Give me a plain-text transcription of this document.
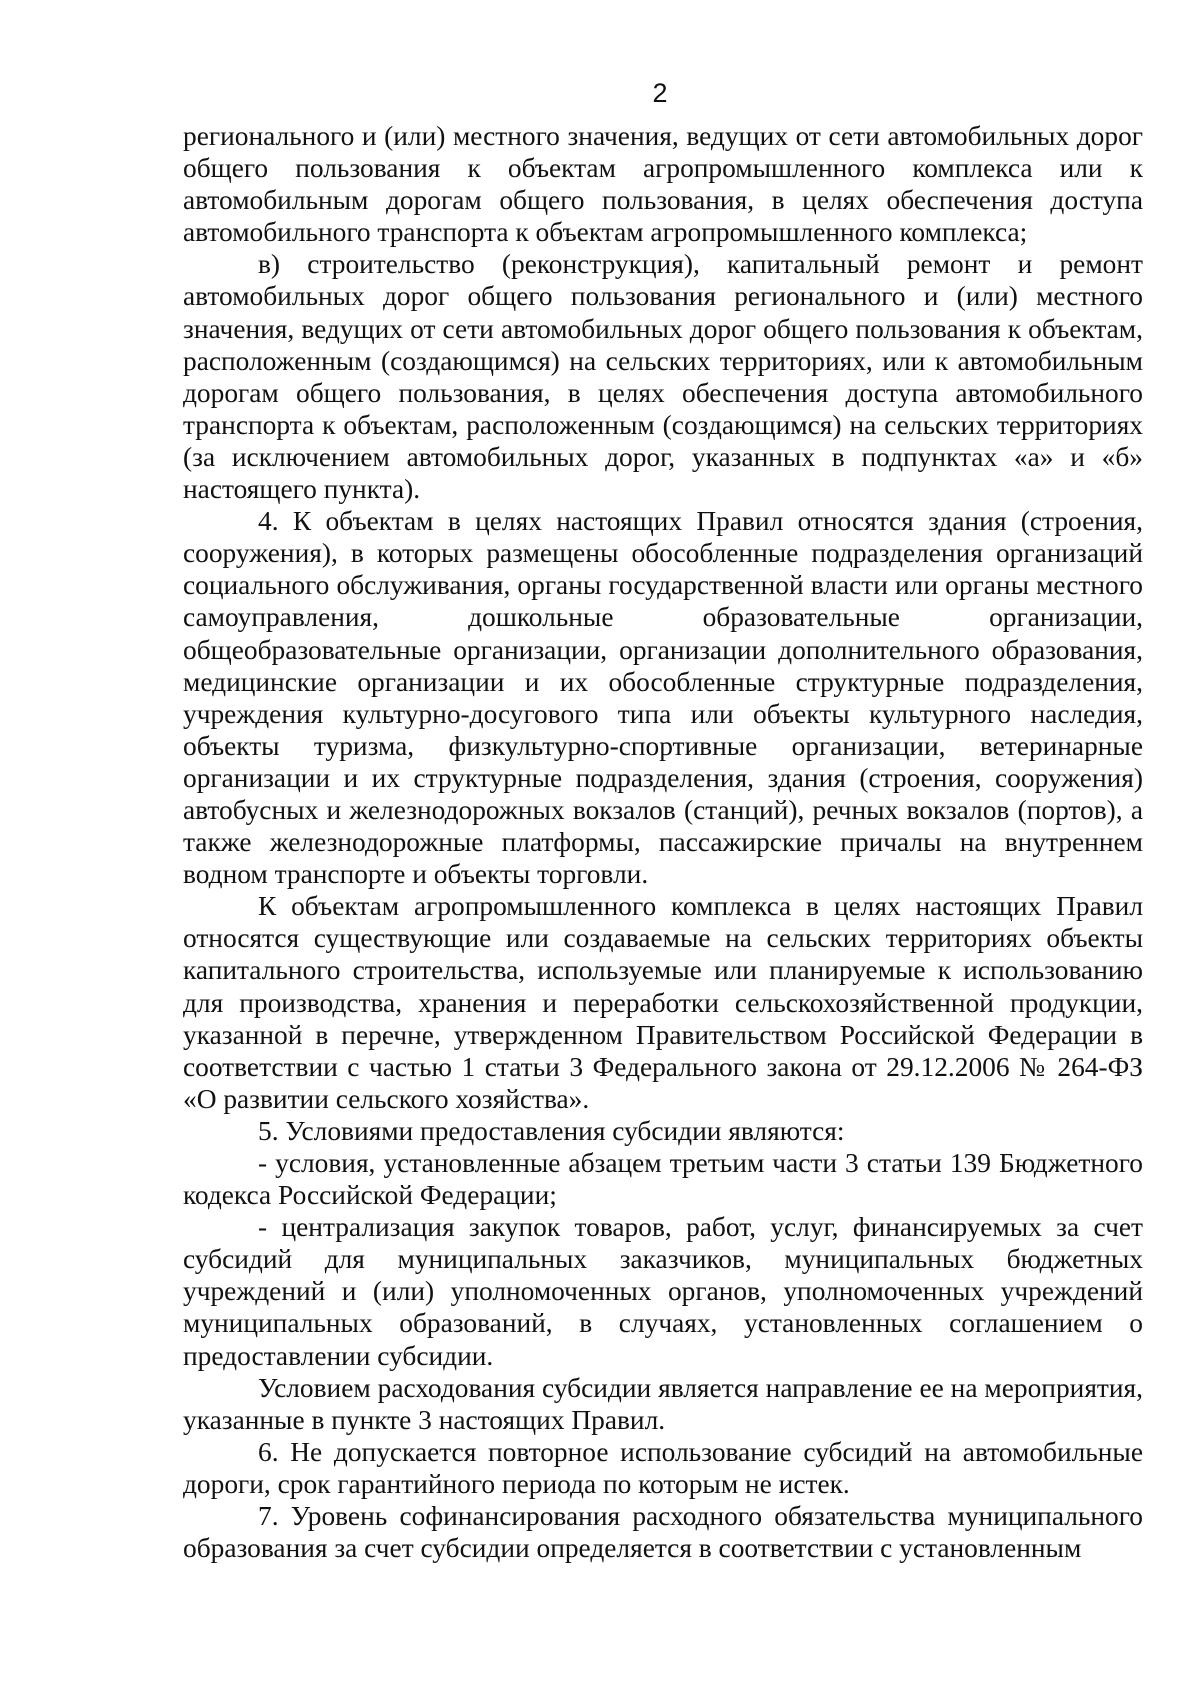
2

регионального и (или) местного значения, ведущих от сети автомобильных дорог общего пользования к объектам агропромышленного комплекса или к автомобильным дорогам общего пользования, в целях обеспечения доступа автомобильного транспорта к объектам агропромышленного комплекса;

в) строительство (реконструкция), капитальный ремонт и ремонт автомобильных дорог общего пользования регионального и (или) местного значения, ведущих от сети автомобильных дорог общего пользования к объектам, расположенным (создающимся) на сельских территориях, или к автомобильным дорогам общего пользования, в целях обеспечения доступа автомобильного транспорта к объектам, расположенным (создающимся) на сельских территориях (за исключением автомобильных дорог, указанных в подпунктах «а» и «б» настоящего пункта).

4. К объектам в целях настоящих Правил относятся здания (строения, сооружения), в которых размещены обособленные подразделения организаций социального обслуживания, органы государственной власти или органы местного самоуправления, дошкольные образовательные организации, общеобразовательные организации, организации дополнительного образования, медицинские организации и их обособленные структурные подразделения, учреждения культурно-досугового типа или объекты культурного наследия, объекты туризма, физкультурно-спортивные организации, ветеринарные организации и их структурные подразделения, здания (строения, сооружения) автобусных и железнодорожных вокзалов (станций), речных вокзалов (портов), а также железнодорожные платформы, пассажирские причалы на внутреннем водном транспорте и объекты торговли.

К объектам агропромышленного комплекса в целях настоящих Правил относятся существующие или создаваемые на сельских территориях объекты капитального строительства, используемые или планируемые к использованию для производства, хранения и переработки сельскохозяйственной продукции, указанной в перечне, утвержденном Правительством Российской Федерации в соответствии с частью 1 статьи 3 Федерального закона от 29.12.2006 № 264-ФЗ «О развитии сельского хозяйства».

5. Условиями предоставления субсидии являются:

- условия, установленные абзацем третьим части 3 статьи 139 Бюджетного кодекса Российской Федерации;

- централизация закупок товаров, работ, услуг, финансируемых за счет субсидий для муниципальных заказчиков, муниципальных бюджетных учреждений и (или) уполномоченных органов, уполномоченных учреждений муниципальных образований, в случаях, установленных соглашением о предоставлении субсидии.

Условием расходования субсидии является направление ее на мероприятия, указанные в пункте 3 настоящих Правил.

6. Не допускается повторное использование субсидий на автомобильные дороги, срок гарантийного периода по которым не истек.

7. Уровень софинансирования расходного обязательства муниципального образования за счет субсидии определяется в соответствии с установленным
